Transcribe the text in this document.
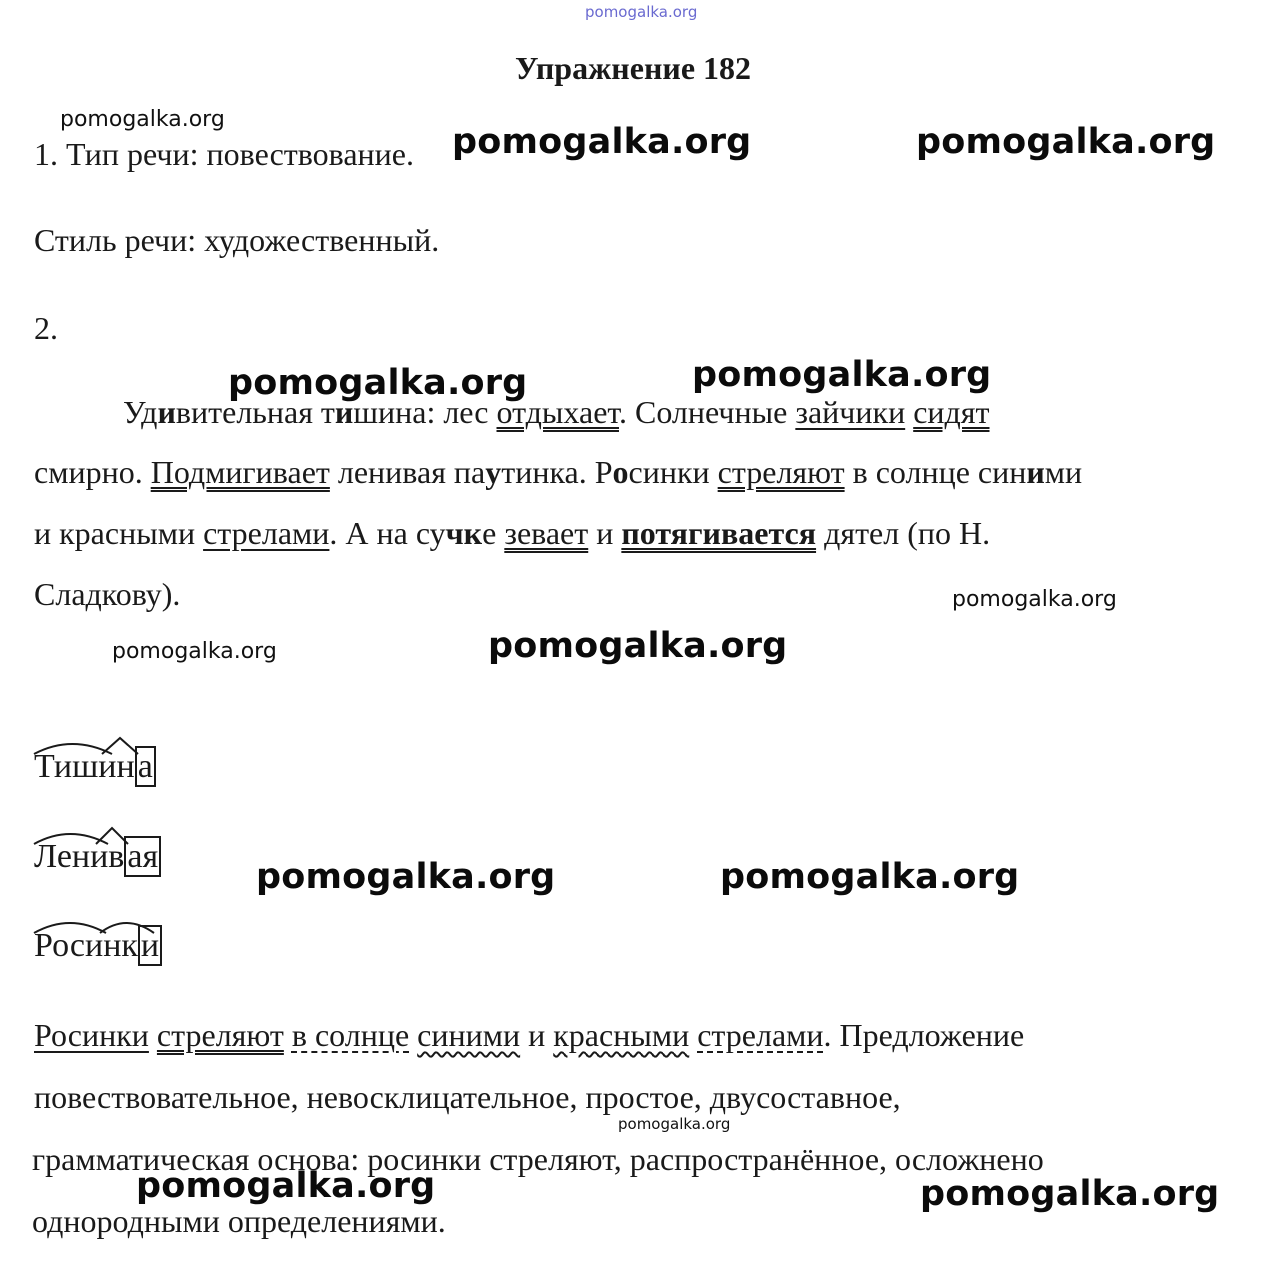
pomogalka.org
Упражнение 182
pomogalka.org
pomogalka.org	pomogalka.org
1. Тип речи: повествование.
Стиль речи: художественный.
2.
pomogalka.org	pomogalka.org
Удивительная тишина: лес отдыхает. Солнечные зайчики сидят
смирно. Подмигивает ленивая паутинка. Росинки стреляют в солнце синими
и красными стрелами. А на сучке зевает и потягивается дятел (по Н.
Сладкову).	pomogalka.org
pomogalka.org	pomogalka.org
Тишина
Ленивая
pomogalka.org	pomogalka.org
Росинки
Росинки стреляют в солнце синими и красными стрелами. Предложение
повествовательное, невосклицательное, простое, двусоставное,
pomogalka.org
грамматическая основа: росинки стреляют, распространённое, осложнено
pomogalka.org	pomogalka.org
однородными определениями.
